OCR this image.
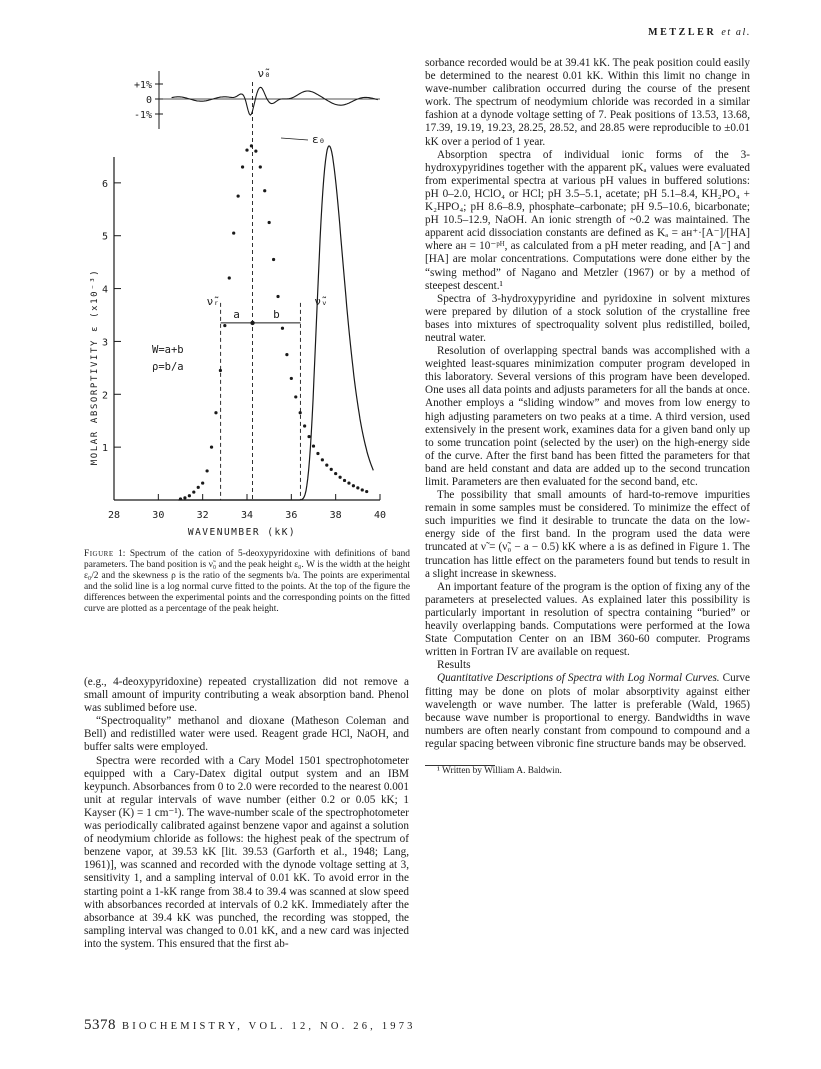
METZLER et al.
+1%
0
-1%
28	30	32	34	36	38	40
1
2
3
4
5
6
WAVENUMBER (kK)
MOLAR ABSORPTIVITY ε (x10⁻³)
ν̃₀
ε₀
ν̃ᵣ	ν̃ᵥ
a	b
W=a+b
ρ=b/a
Figure 1: Spectrum of the cation of 5-deoxypyridoxine with definitions of band parameters. The band position is ν̃₀ and the peak height ε₀. W is the width at the height ε₀/2 and the skewness ρ is the ratio of the segments b/a. The points are experimental and the solid line is a log normal curve fitted to the points. At the top of the figure the differences between the experimental points and the corresponding points on the fitted curve are plotted as a percentage of the peak height.

(e.g., 4-deoxypyridoxine) repeated crystallization did not remove a small amount of impurity contributing a weak absorption band. Phenol was sublimed before use.

“Spectroquality” methanol and dioxane (Matheson Coleman and Bell) and redistilled water were used. Reagent grade HCl, NaOH, and buffer salts were employed.

Spectra were recorded with a Cary Model 1501 spectrophotometer equipped with a Cary-Datex digital output system and an IBM keypunch. Absorbances from 0 to 2.0 were recorded to the nearest 0.001 unit at regular intervals of wave number (either 0.2 or 0.05 kK; 1 Kayser (K) = 1 cm⁻¹). The wave-number scale of the spectrophotometer was periodically calibrated against benzene vapor and against a solution of neodymium chloride as follows: the highest peak of the spectrum of benzene vapor, at 39.53 kK [lit. 39.53 (Garforth et al., 1948; Lang, 1961)], was scanned and recorded with the dynode voltage setting at 3, sensitivity 1, and a sampling interval of 0.01 kK. To avoid error in the starting point a 1-kK range from 38.4 to 39.4 was scanned at slow speed with absorbances recorded at intervals of 0.2 kK. Immediately after the absorbance at 39.4 kK was punched, the recording was stopped, the sampling interval was changed to 0.01 kK, and a new card was injected into the system. This ensured that the first ab-

sorbance recorded would be at 39.41 kK. The peak position could easily be determined to the nearest 0.01 kK. Within this limit no change in wave-number calibration occurred during the course of the present work. The spectrum of neodymium chloride was recorded in a similar fashion at a dynode voltage setting of 7. Peak positions of 13.53, 13.68, 17.39, 19.19, 19.23, 28.25, 28.52, and 28.85 were reproducible to ±0.01 kK over a period of 1 year.

Absorption spectra of individual ionic forms of the 3-hydroxypyridines together with the apparent pKₐ values were evaluated from experimental spectra at various pH values in buffered solutions: pH 0–2.0, HClO₄ or HCl; pH 3.5–5.1, acetate; pH 5.1–8.4, KH₂PO₄ + K₂HPO₄; pH 8.6–8.9, phosphate–carbonate; pH 9.5–10.6, bicarbonate; pH 10.5–12.9, NaOH. An ionic strength of ~0.2 was maintained. The apparent acid dissociation constants are defined as Kₐ = aʜ⁺·[A⁻]/[HA] where aʜ = 10⁻ᵖᴴ, as calculated from a pH meter reading, and [A⁻] and [HA] are molar concentrations. Computations were done either by the “swing method” of Nagano and Metzler (1967) or by a method of steepest descent.¹

Spectra of 3-hydroxypyridine and pyridoxine in solvent mixtures were prepared by dilution of a stock solution of the crystalline free bases into mixtures of spectroquality solvent plus redistilled, boiled, neutral water.

Resolution of overlapping spectral bands was accomplished with a weighted least-squares minimization computer program developed in this laboratory. Several versions of this program have been developed. One uses all data points and adjusts parameters for all the bands at once. Another employs a “sliding window” and moves from low energy to high adjusting parameters on two peaks at a time. A third version, used extensively in the present work, examines data for a given band only up to some truncation point (selected by the user) on the high-energy side of the curve. After the first band has been fitted the parameters for that band are held constant and data are added up to the second truncation limit. Parameters are then evaluated for the second band, etc.

The possibility that small amounts of hard-to-remove impurities remain in some samples must be considered. To minimize the effect of such impurities we find it desirable to truncate the data on the low-energy side of the first band. In the program used the data were truncated at ν̃ = (ν̃₀ − a − 0.5) kK where a is as defined in Figure 1. The truncation has little effect on the parameters found but tends to result in a slight increase in skewness.

An important feature of the program is the option of fixing any of the parameters at preselected values. As explained later this possibility is particularly important in resolution of spectra containing “buried” or heavily overlapping bands. Computations were performed at the Iowa State Computation Center on an IBM 360-60 computer. Programs written in Fortran IV are available on request.

Results

Quantitative Descriptions of Spectra with Log Normal Curves. Curve fitting may be done on plots of molar absorptivity against either wavelength or wave number. The latter is preferable (Wald, 1965) because wave number is proportional to energy. Bandwidths in wave numbers are often nearly constant from compound to compound and a regular spacing between vibronic fine structure bands may be observed.

¹ Written by William A. Baldwin.

5378 BIOCHEMISTRY, VOL. 12, NO. 26, 1973
